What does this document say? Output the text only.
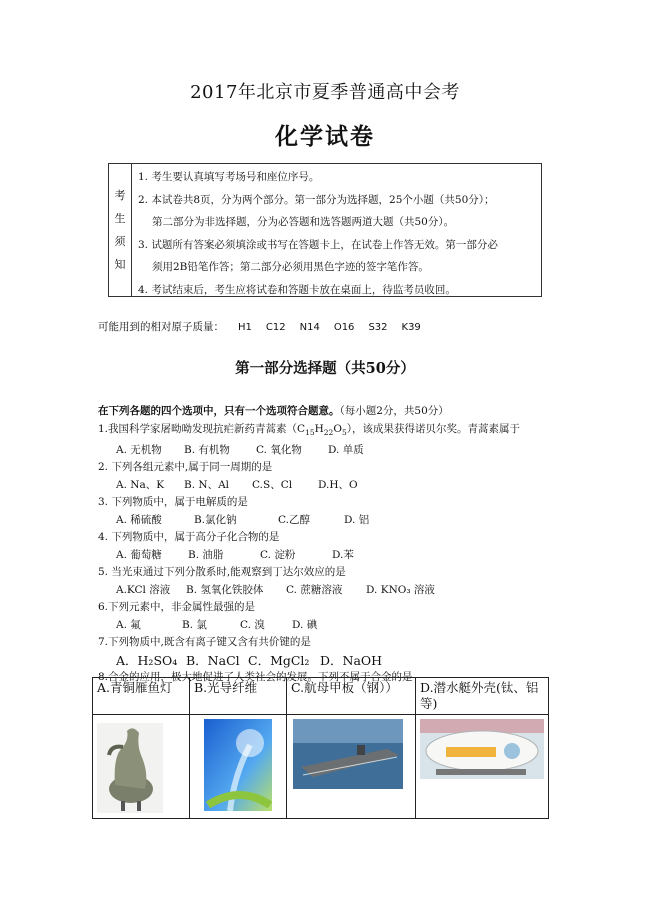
2017年北京市夏季普通高中会考
化学试卷
考
生
须
知
1. 考生要认真填写考场号和座位序号。
2. 本试卷共8页，分为两个部分。第一部分为选择题，25个小题（共50分）；
第二部分为非选择题，分为必答题和选答题两道大题（共50分）。
3. 试题所有答案必须填涂或书写在答题卡上，在试卷上作答无效。第一部分必
须用2B铅笔作答；第二部分必须用黑色字迹的签字笔作答。
4. 考试结束后，考生应将试卷和答题卡放在桌面上，待监考员收回。
可能用到的相对原子质量： H1 C12 N14 O16 S32 K39
第一部分选择题（共50分）
在下列各题的四个选项中，只有一个选项符合题意。（每小题2分，共50分）
1.我国科学家屠呦呦发现抗疟新药青蒿素$(C_{15}H_{22}O_5)$，该成果获得诺贝尔奖。青蒿素属于
A. 无机物 B. 有机物 C. 氧化物 D. 单质
2. 下列各组元素中,属于同一周期的是
A. Na、K B. N、Al C.S、Cl D.H、O
3. 下列物质中，属于电解质的是
A. 稀硫酸	B.氯化钠	C.乙醇	D. 铝
4. 下列物质中，属于高分子化合物的是
A. 葡萄糖 B. 油脂	C. 淀粉	D.苯
5. 当光束通过下列分散系时,能观察到丁达尔效应的是
A.KCl 溶液 B. 氢氧化铁胶体 C. 蔗糖溶液 D. KNO₃ 溶液
6.下列元素中，非金属性最强的是
A. 氟	B. 氯	C. 溴	D. 碘
7.下列物质中,既含有离子键又含有共价键的是
A．H₂SO₄ B．NaCl C．MgCl₂ D．NaOH
8.合金的应用，极大地促进了人类社会的发展。下列不属于合金的是
A.青铜雁鱼灯	B.光导纤维	C.航母甲板（钢））	D.潜水艇外壳(钛、铝等)
